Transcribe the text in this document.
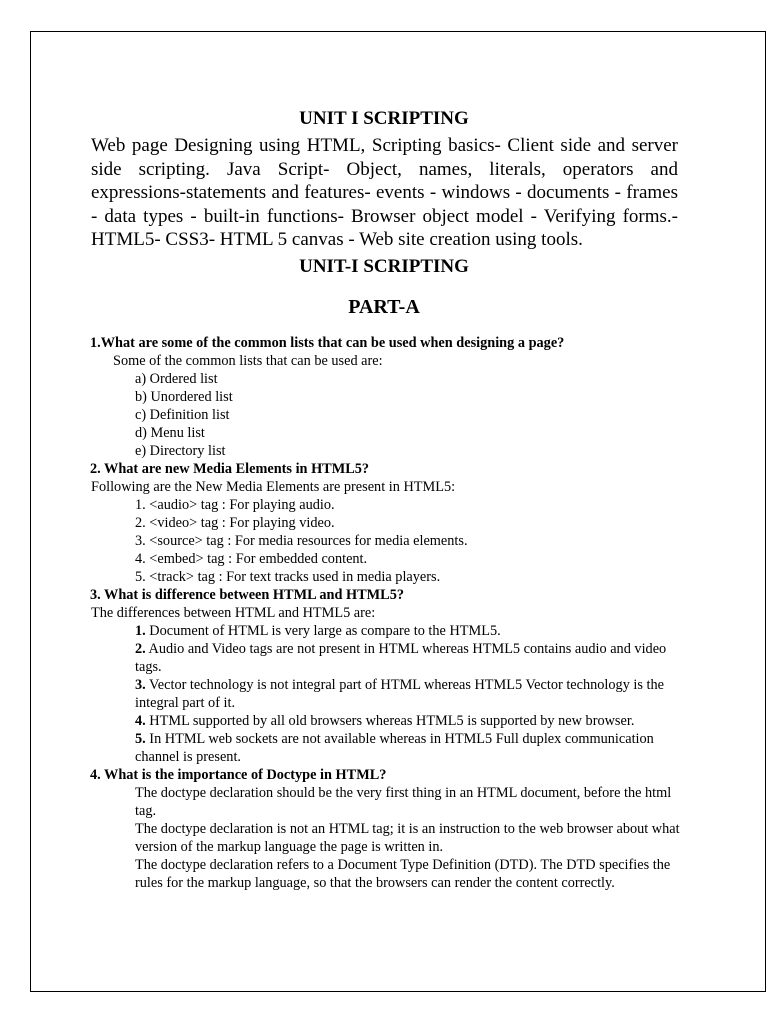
UNIT I SCRIPTING
Web page Designing using HTML, Scripting basics- Client side and server side scripting. Java Script- Object, names, literals, operators and expressions-statements and features- events - windows - documents - frames - data types - built-in functions- Browser object model - Verifying forms.-HTML5- CSS3- HTML 5 canvas - Web site creation using tools.
UNIT-I SCRIPTING
PART-A
1.What are some of the common lists that can be used when designing a page?
Some of the common lists that can be used are:
a) Ordered list
b) Unordered list
c) Definition list
d) Menu list
e) Directory list
2. What are new Media Elements in HTML5?
Following are the New Media Elements are present in HTML5:
1. <audio> tag : For playing audio.
2. <video> tag : For playing video.
3. <source> tag : For media resources for media elements.
4. <embed> tag : For embedded content.
5. <track> tag : For text tracks used in media players.
3. What is difference between HTML and HTML5?
The differences between HTML and HTML5 are:
1. Document of HTML is very large as compare to the HTML5.
2. Audio and Video tags are not present in HTML whereas HTML5 contains audio and video tags.
3. Vector technology is not integral part of HTML whereas HTML5 Vector technology is the integral part of it.
4. HTML supported by all old browsers whereas HTML5 is supported by new browser.
5. In HTML web sockets are not available whereas in HTML5 Full duplex communication channel is present.
4. What is the importance of Doctype in HTML?
The doctype declaration should be the very first thing in an HTML document, before the html tag.
The doctype declaration is not an HTML tag; it is an instruction to the web browser about what version of the markup language the page is written in.
The doctype declaration refers to a Document Type Definition (DTD). The DTD specifies the rules for the markup language, so that the browsers can render the content correctly.
